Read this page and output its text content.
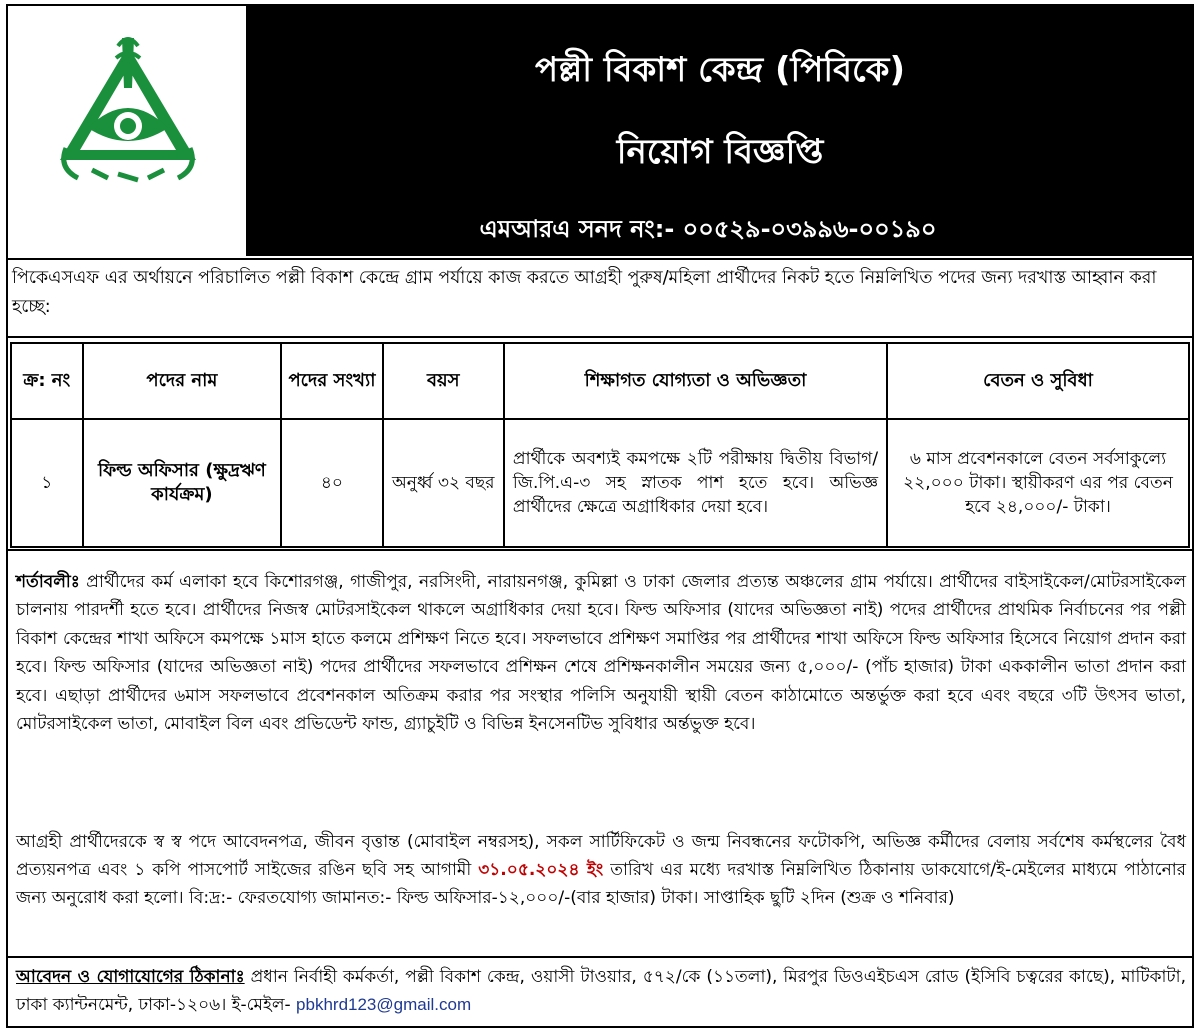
পল্লী বিকাশ কেন্দ্র (পিবিকে)
নিয়োগ বিজ্ঞপ্তি
এমআরএ সনদ নং:- ০০৫২৯-০৩৯৯৬-০০১৯০
পিকেএসএফ এর অর্থায়নে পরিচালিত পল্লী বিকাশ কেন্দ্রে গ্রাম পর্যায়ে কাজ করতে আগ্রহী পুরুষ/মহিলা প্রার্থীদের নিকট হতে নিম্নলিখিত পদের জন্য দরখাস্ত আহ্বান করা হচ্ছে:
ক্র: নং	পদের নাম	পদের সংখ্যা	বয়স	শিক্ষাগত যোগ্যতা ও অভিজ্ঞতা	বেতন ও সুবিধা
১	ফিল্ড অফিসার (ক্ষুদ্রঋণ কার্যক্রম)	৪০	অনুর্ধ্ব ৩২ বছর	প্রার্থীকে অবশ্যই কমপক্ষে ২টি পরীক্ষায় দ্বিতীয় বিভাগ/ জি.পি.এ-৩ সহ স্নাতক পাশ হতে হবে। অভিজ্ঞ প্রার্থীদের ক্ষেত্রে অগ্রাধিকার দেয়া হবে।	৬ মাস প্রবেশনকালে বেতন সর্বসাকুল্যে ২২,০০০ টাকা। স্থায়ীকরণ এর পর বেতন হবে ২৪,০০০/- টাকা।
শর্তাবলীঃ প্রার্থীদের কর্ম এলাকা হবে কিশোরগঞ্জ, গাজীপুর, নরসিংদী, নারায়নগঞ্জ, কুমিল্লা ও ঢাকা জেলার প্রত্যন্ত অঞ্চলের গ্রাম পর্যায়ে। প্রার্থীদের বাইসাইকেল/মোটরসাইকেল চালনায় পারদর্শী হতে হবে। প্রার্থীদের নিজস্ব মোটরসাইকেল থাকলে অগ্রাধিকার দেয়া হবে। ফিল্ড অফিসার (যাদের অভিজ্ঞতা নাই) পদের প্রার্থীদের প্রাথমিক নির্বাচনের পর পল্লী বিকাশ কেন্দ্রের শাখা অফিসে কমপক্ষে ১মাস হাতে কলমে প্রশিক্ষণ নিতে হবে। সফলভাবে প্রশিক্ষণ সমাপ্তির পর প্রার্থীদের শাখা অফিসে ফিল্ড অফিসার হিসেবে নিয়োগ প্রদান করা হবে। ফিল্ড অফিসার (যাদের অভিজ্ঞতা নাই) পদের প্রার্থীদের সফলভাবে প্রশিক্ষন শেষে প্রশিক্ষনকালীন সময়ের জন্য ৫,০০০/- (পাঁচ হাজার) টাকা এককালীন ভাতা প্রদান করা হবে। এছাড়া প্রার্থীদের ৬মাস সফলভাবে প্রবেশনকাল অতিক্রম করার পর সংস্থার পলিসি অনুযায়ী স্থায়ী বেতন কাঠামোতে অন্তর্ভুক্ত করা হবে এবং বছরে ৩টি উৎসব ভাতা, মোটরসাইকেল ভাতা, মোবাইল বিল এবং প্রভিডেন্ট ফান্ড, গ্র্যাচুইটি ও বিভিন্ন ইনসেনটিভ সুবিধার অর্ন্তভুক্ত হবে।
আগ্রহী প্রার্থীদেরকে স্ব স্ব পদে আবেদনপত্র, জীবন বৃত্তান্ত (মোবাইল নম্বরসহ), সকল সার্টিফিকেট ও জন্ম নিবন্ধনের ফটোকপি, অভিজ্ঞ কর্মীদের বেলায় সর্বশেষ কর্মস্থলের বৈধ প্রত্যয়নপত্র এবং ১ কপি পাসপোর্ট সাইজের রঙিন ছবি সহ আগামী ৩১.০৫.২০২৪ ইং তারিখ এর মধ্যে দরখাস্ত নিম্নলিখিত ঠিকানায় ডাকযোগে/ই-মেইলের মাধ্যমে পাঠানোর জন্য অনুরোধ করা হলো। বি:দ্র:- ফেরতযোগ্য জামানত:- ফিল্ড অফিসার-১২,০০০/-(বার হাজার) টাকা। সাপ্তাহিক ছুটি ২দিন (শুক্র ও শনিবার)
আবেদন ও যোগাযোগের ঠিকানাঃ প্রধান নির্বাহী কর্মকর্তা, পল্লী বিকাশ কেন্দ্র, ওয়াসী টাওয়ার, ৫৭২/কে (১১তলা), মিরপুর ডিওএইচএস রোড (ইসিবি চত্বরের কাছে), মাটিকাটা, ঢাকা ক্যান্টনমেন্ট, ঢাকা-১২০৬। ই-মেইল- pbkhrd123@gmail.com
